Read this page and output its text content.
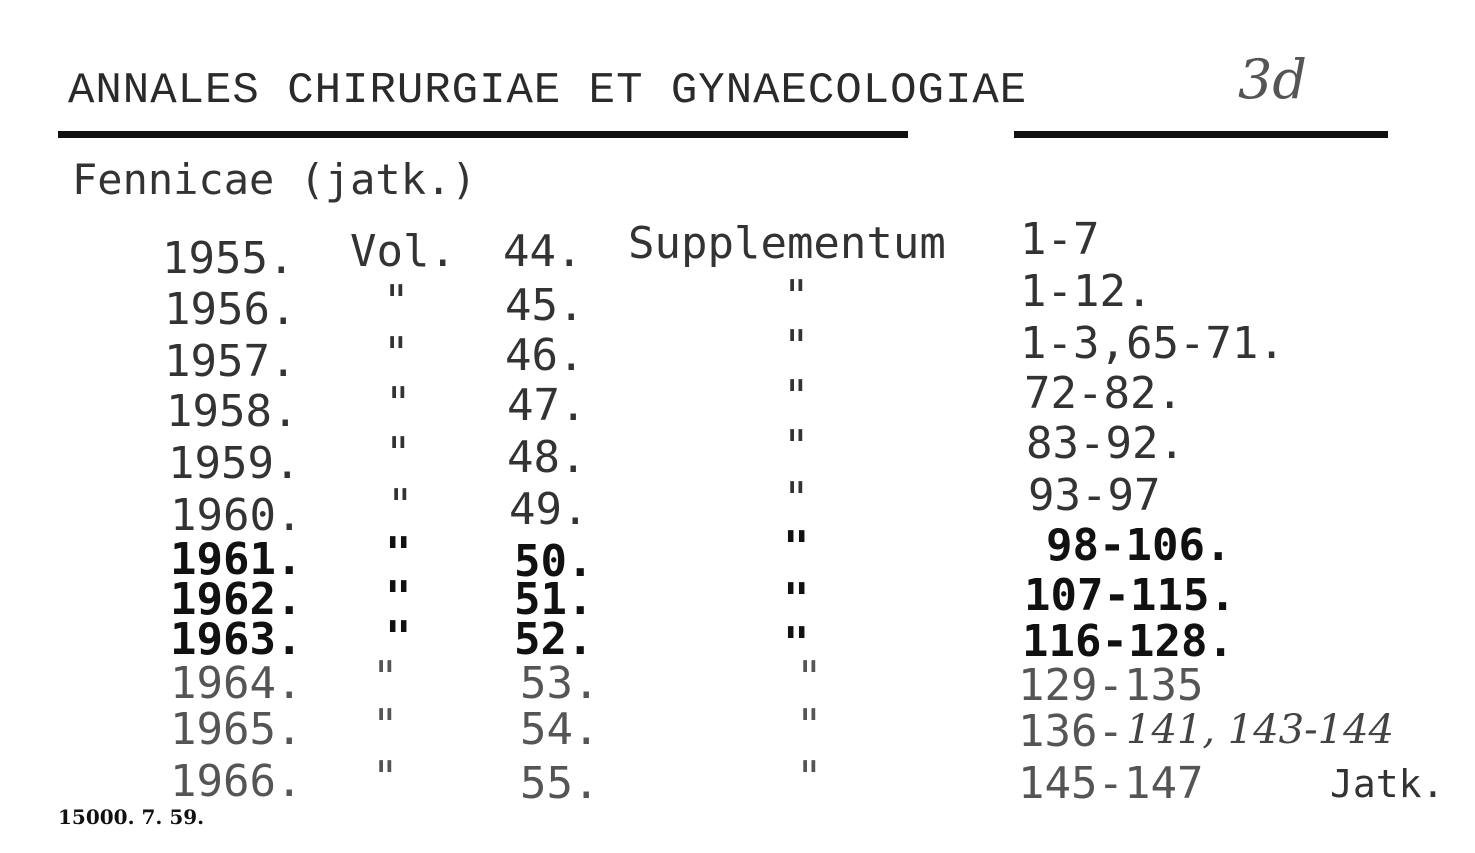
ANNALES CHIRURGIAE ET GYNAECOLOGIAE	3d
Fennicae (jatk.)
1955. Vol. 44. Supplementum 1-7
1956. " 45.	"	1-12.
1957. " 46.	"	1-3,65-71.
1958. " 47.	"	72-82.
1959. " 48.	"	83-92.
1960. " 49.	"	93-97
1961. " 50.	"	98-106.
1962. " 51.	"	107-115.
1963. " 52.	"	116-128.
1964. "	53.	"	129-135
1965. "	54.	"	136- 141, 143-144
1966. "	55.	"	145-147	Jatk.
15000. 7. 59.
